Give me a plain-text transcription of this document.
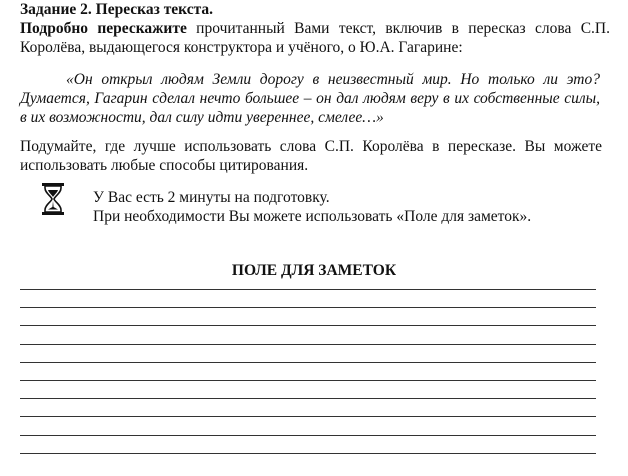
Задание 2. Пересказ текста.
Подробно перескажите прочитанный Вами текст, включив в пересказ слова С.П. Королёва, выдающегося конструктора и учёного, о Ю.А. Гагарине:
«Он открыл людям Земли дорогу в неизвестный мир. Но только ли это? Думается, Гагарин сделал нечто большее – он дал людям веру в их собственные силы, в их возможности, дал силу идти увереннее, смелее…»
Подумайте, где лучше использовать слова С.П. Королёва в пересказе. Вы можете использовать любые способы цитирования.
У Вас есть 2 минуты на подготовку.
При необходимости Вы можете использовать «Поле для заметок».
ПОЛЕ ДЛЯ ЗАМЕТОК
